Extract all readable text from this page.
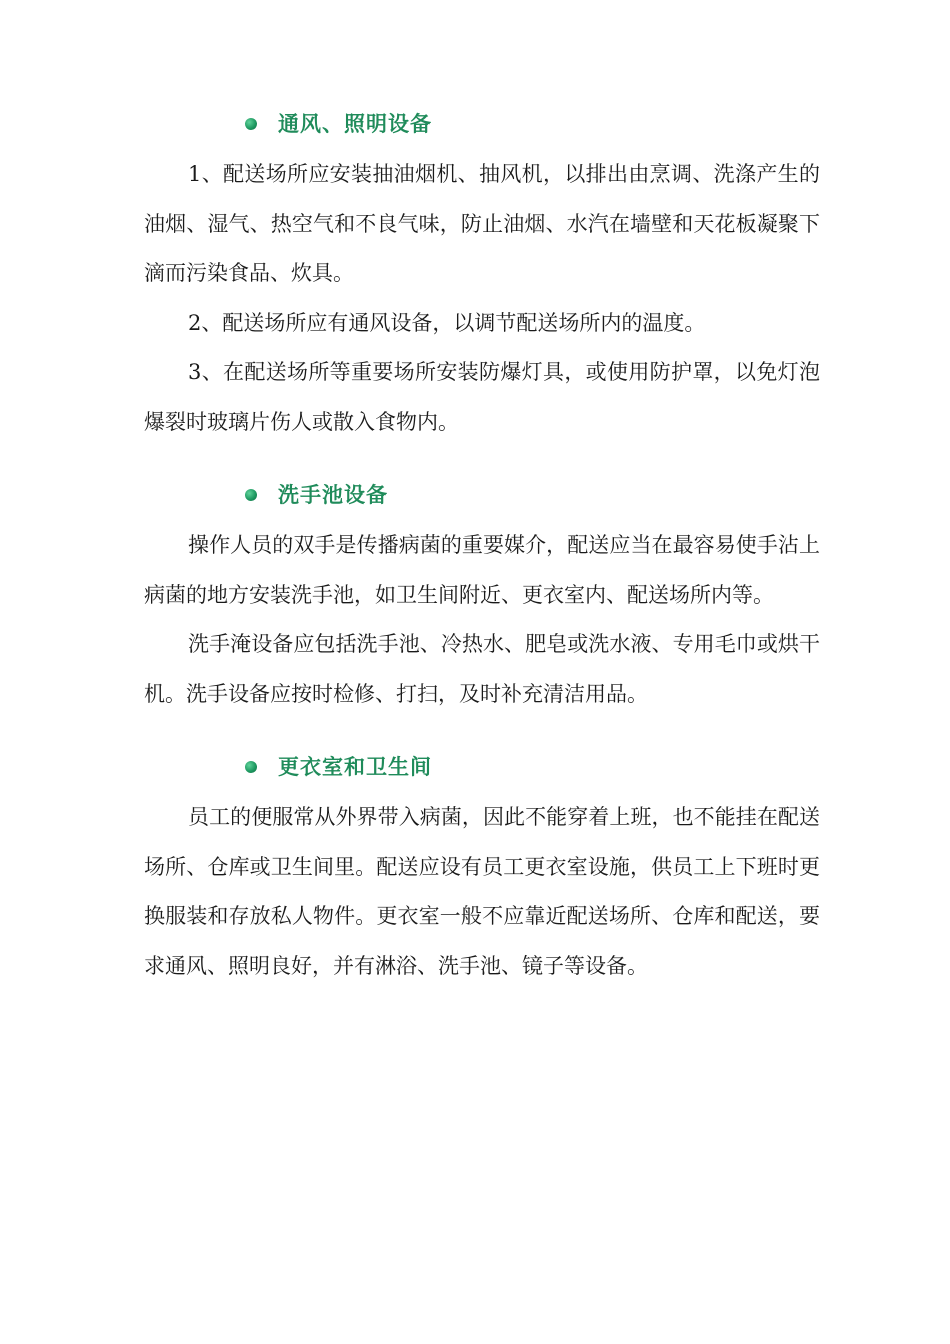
通风、照明设备

1、配送场所应安装抽油烟机、抽风机，以排出由烹调、洗涤产生的油烟、湿气、热空气和不良气味，防止油烟、水汽在墙壁和天花板凝聚下滴而污染食品、炊具。

2、配送场所应有通风设备，以调节配送场所内的温度。

3、在配送场所等重要场所安装防爆灯具，或使用防护罩，以免灯泡爆裂时玻璃片伤人或散入食物内。

洗手池设备

操作人员的双手是传播病菌的重要媒介，配送应当在最容易使手沾上病菌的地方安装洗手池，如卫生间附近、更衣室内、配送场所内等。

洗手淹设备应包括洗手池、冷热水、肥皂或洗水液、专用毛巾或烘干机。洗手设备应按时检修、打扫，及时补充清洁用品。

更衣室和卫生间

员工的便服常从外界带入病菌，因此不能穿着上班，也不能挂在配送场所、仓库或卫生间里。配送应设有员工更衣室设施，供员工上下班时更换服装和存放私人物件。更衣室一般不应靠近配送场所、仓库和配送，要求通风、照明良好，并有淋浴、洗手池、镜子等设备。
